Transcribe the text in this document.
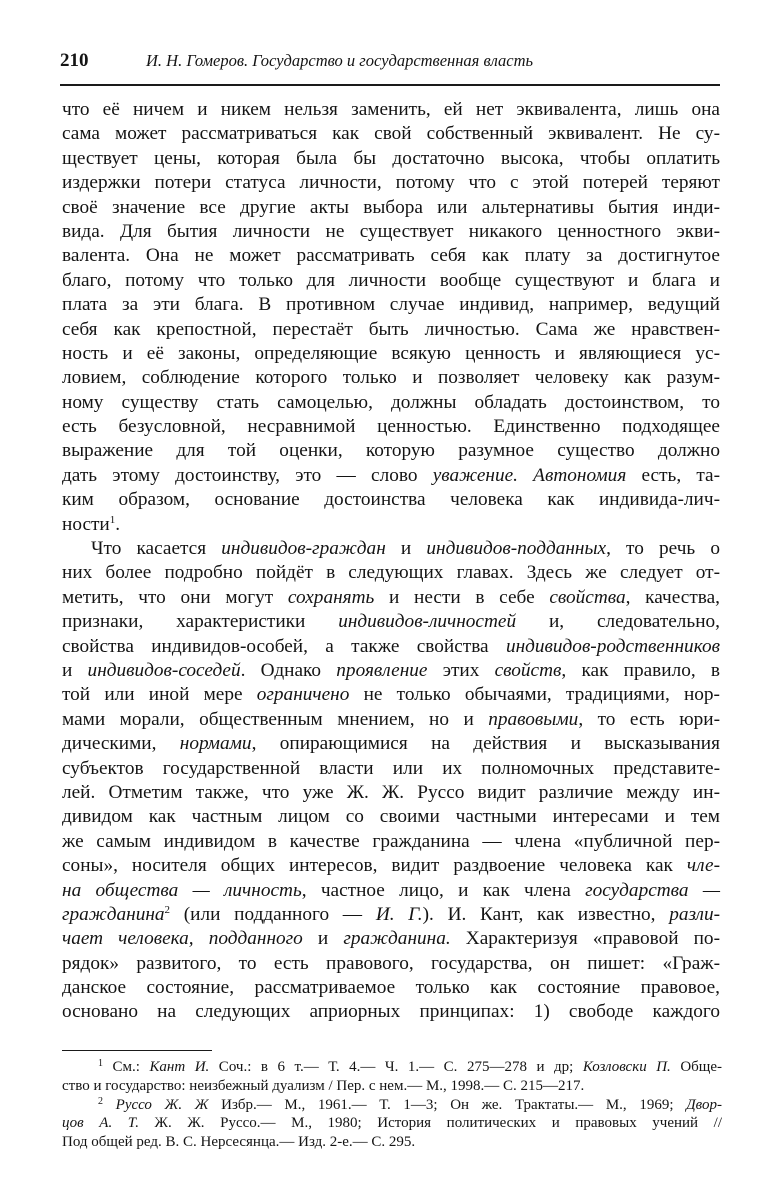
210	И. Н. Гомеров. Государство и государственная власть
что её ничем и никем нельзя заменить, ей нет эквивалента, лишь она
сама может рассматриваться как свой собственный эквивалент. Не су-
ществует цены, которая была бы достаточно высока, чтобы оплатить
издержки потери статуса личности, потому что с этой потерей теряют
своё значение все другие акты выбора или альтернативы бытия инди-
вида. Для бытия личности не существует никакого ценностного экви-
валента. Она не может рассматривать себя как плату за достигнутое
благо, потому что только для личности вообще существуют и блага и
плата за эти блага. В противном случае индивид, например, ведущий
себя как крепостной, перестаёт быть личностью. Сама же нравствен-
ность и её законы, определяющие всякую ценность и являющиеся ус-
ловием, соблюдение которого только и позволяет человеку как разум-
ному существу стать самоцелью, должны обладать достоинством, то
есть безусловной, несравнимой ценностью. Единственно подходящее
выражение для той оценки, которую разумное существо должно
дать этому достоинству, это — слово уважение. Автономия есть, та-
ким образом, основание достоинства человека как индивида-лич-
ности$^1$.
Что касается индивидов-граждан и индивидов-подданных, то речь о
них более подробно пойдёт в следующих главах. Здесь же следует от-
метить, что они могут сохранять и нести в себе свойства, качества,
признаки, характеристики индивидов-личностей и, следовательно,
свойства индивидов-особей, а также свойства индивидов-родственников
и индивидов-соседей. Однако проявление этих свойств, как правило, в
той или иной мере ограничено не только обычаями, традициями, нор-
мами морали, общественным мнением, но и правовыми, то есть юри-
дическими, нормами, опирающимися на действия и высказывания
субъектов государственной власти или их полномочных представите-
лей. Отметим также, что уже Ж. Ж. Руссо видит различие между ин-
дивидом как частным лицом со своими частными интересами и тем
же самым индивидом в качестве гражданина — члена «публичной пер-
соны», носителя общих интересов, видит раздвоение человека как чле-
на общества — личность, частное лицо, и как члена государства —
гражданина$^2$ (или подданного — И. Г.). И. Кант, как известно, разли-
чает человека, подданного и гражданина. Характеризуя «правовой по-
рядок» развитого, то есть правового, государства, он пишет: «Граж-
данское состояние, рассматриваемое только как состояние правовое,
основано на следующих априорных принципах: 1) свободе каждого
$^1$ См.: Кант И. Соч.: в 6 т.— Т. 4.— Ч. 1.— С. 275—278 и др; Козловски П. Обще-
ство и государство: неизбежный дуализм / Пер. с нем.— М., 1998.— С. 215—217.
$^2$ Руссо Ж. Ж Избр.— М., 1961.— Т. 1—3; Он же. Трактаты.— М., 1969; Двор-
цов А. Т. Ж. Ж. Руссо.— М., 1980; История политических и правовых учений //
Под общей ред. В. С. Нерсесянца.— Изд. 2-е.— С. 295.
